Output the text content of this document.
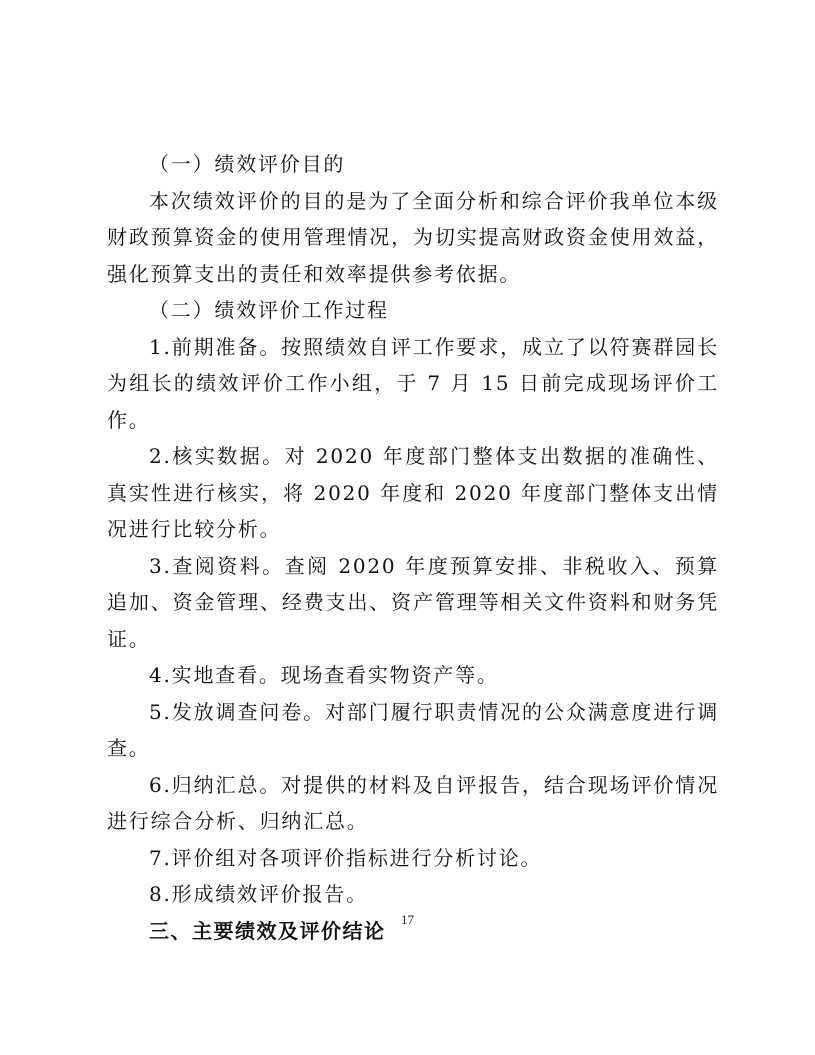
（一）绩效评价目的

本次绩效评价的目的是为了全面分析和综合评价我单位本级财政预算资金的使用管理情况，为切实提高财政资金使用效益，强化预算支出的责任和效率提供参考依据。

（二）绩效评价工作过程

1.前期准备。按照绩效自评工作要求，成立了以符赛群园长为组长的绩效评价工作小组，于 7 月 15 日前完成现场评价工作。

2.核实数据。对 2020 年度部门整体支出数据的准确性、真实性进行核实，将 2020 年度和 2020 年度部门整体支出情况进行比较分析。

3.查阅资料。查阅 2020 年度预算安排、非税收入、预算追加、资金管理、经费支出、资产管理等相关文件资料和财务凭证。

4.实地查看。现场查看实物资产等。

5.发放调查问卷。对部门履行职责情况的公众满意度进行调查。

6.归纳汇总。对提供的材料及自评报告，结合现场评价情况进行综合分析、归纳汇总。

7.评价组对各项评价指标进行分析讨论。

8.形成绩效评价报告。

三、主要绩效及评价结论	17
